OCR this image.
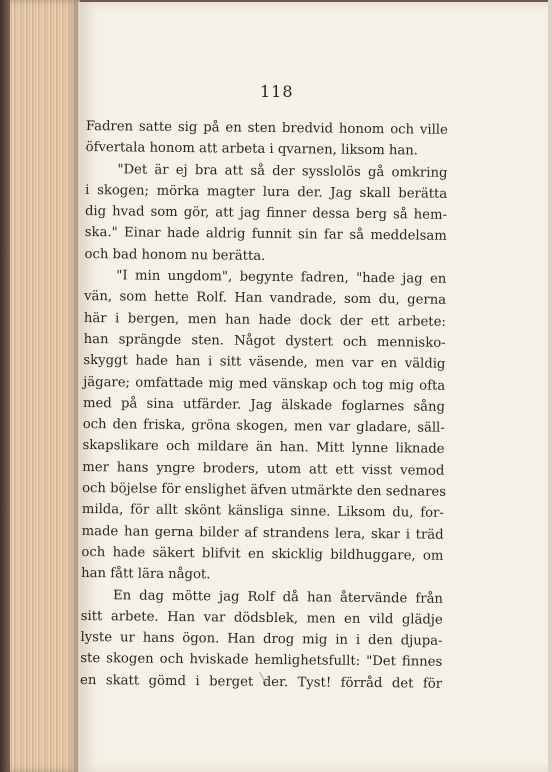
118
Fadren satte sig på en sten bredvid honom och ville
öfvertala honom att arbeta i qvarnen, liksom han.
"Det är ej bra att så der sysslolös gå omkring
i skogen; mörka magter lura der. Jag skall berätta
dig hvad som gör, att jag finner dessa berg så hem-
ska." Einar hade aldrig funnit sin far så meddelsam
och bad honom nu berätta.
"I min ungdom", begynte fadren, "hade jag en
vän, som hette Rolf. Han vandrade, som du, gerna
här i bergen, men han hade dock der ett arbete:
han sprängde sten. Något dystert och mennisko-
skyggt hade han i sitt väsende, men var en väldig
jägare; omfattade mig med vänskap och tog mig ofta
med på sina utfärder. Jag älskade foglarnes sång
och den friska, gröna skogen, men var gladare, säll-
skapslikare och mildare än han. Mitt lynne liknade
mer hans yngre broders, utom att ett visst vemod
och böjelse för enslighet äfven utmärkte den sednares
milda, för allt skönt känsliga sinne. Liksom du, for-
made han gerna bilder af strandens lera, skar i träd
och hade säkert blifvit en skicklig bildhuggare, om
han fått lära något.
En dag mötte jag Rolf då han återvände från
sitt arbete. Han var dödsblek, men en vild glädje
lyste ur hans ögon. Han drog mig in i den djupa-
ste skogen och hviskade hemlighetsfullt: "Det finnes
en skatt gömd i berget der. Tyst! förråd det för
